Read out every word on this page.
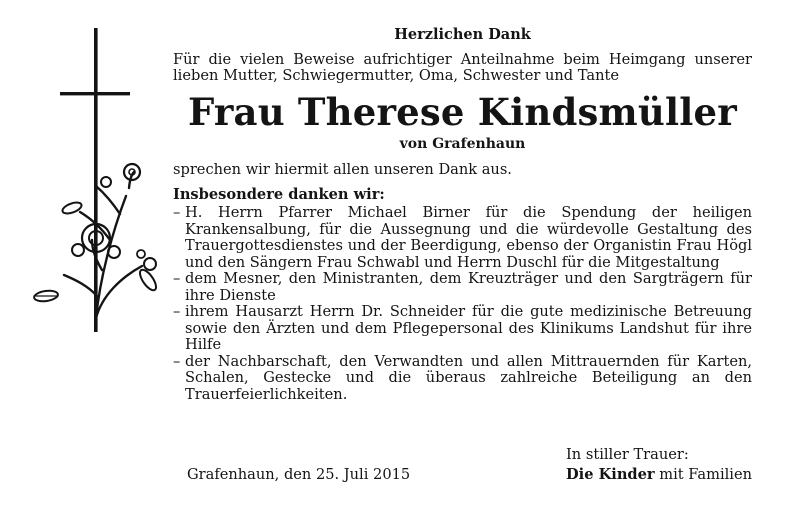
Herzlichen Dank

Für die vielen Beweise aufrichtiger Anteilnahme beim Heimgang unserer lieben Mutter, Schwiegermutter, Oma, Schwester und Tante

Frau Therese Kindsmüller
von Grafenhaun

sprechen wir hiermit allen unseren Dank aus.

Insbesondere danken wir:
– H. Herrn Pfarrer Michael Birner für die Spendung der heiligen Krankensalbung, für die Aussegnung und die würdevolle Gestaltung des Trauergottesdienstes und der Beerdigung, ebenso der Organistin Frau Högl und den Sängern Frau Schwabl und Herrn Duschl für die Mitgestaltung
– dem Mesner, den Ministranten, dem Kreuzträger und den Sargträgern für ihre Dienste
– ihrem Hausarzt Herrn Dr. Schneider für die gute medizinische Betreuung sowie den Ärzten und dem Pflegepersonal des Klinikums Landshut für ihre Hilfe
– der Nachbarschaft, den Verwandten und allen Mittrauernden für Karten, Schalen, Gestecke und die überaus zahlreiche Beteiligung an den Trauerfeierlichkeiten.
Grafenhaun, den 25. Juli 2015
In stiller Trauer:
Die Kinder mit Familien
